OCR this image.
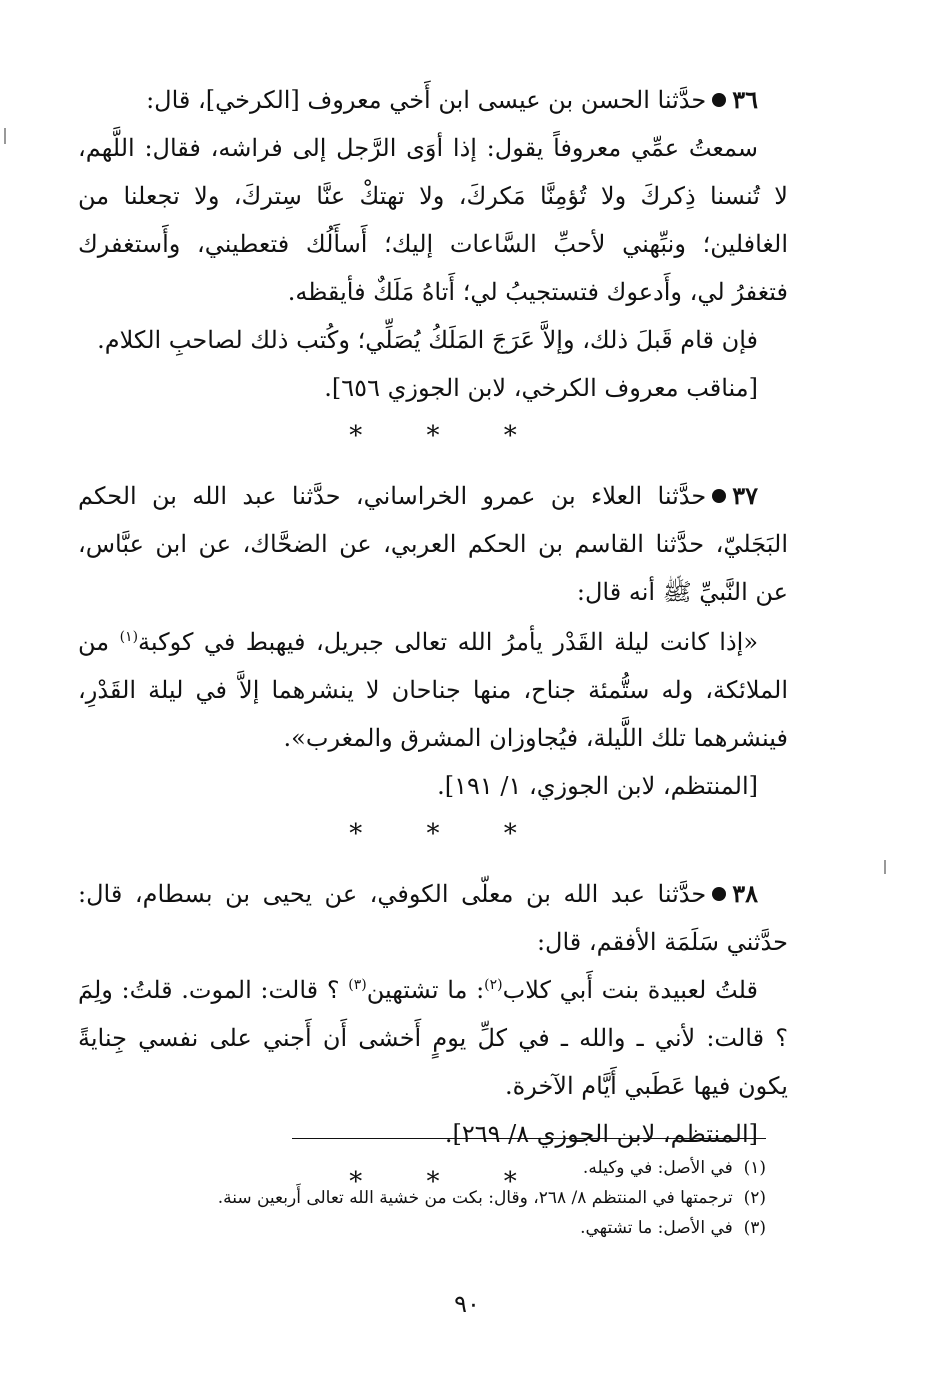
٣٦حدَّثنا الحسن بن عيسى ابن أَخي معروف [الكرخي]، قال:

سمعتُ عمِّي معروفاً يقول: إذا أوَى الرَّجل إلى فراشه، فقال: اللَّهم، لا تُنسنا ذِكركَ ولا تُؤمِنَّا مَكركَ، ولا تهتكْ عنَّا سِتركَ، ولا تجعلنا من الغافلين؛ ونبِّهني لأحبِّ السَّاعات إليك؛ أَسأَلُك فتعطيني، وأَستغفرك فتغفرُ لي، وأَدعوك فتستجيبُ لي؛ أَتاهُ مَلَكٌ فأيقظه.

فإن قام قَبلَ ذلك، وإلاَّ عَرَجَ المَلَكُ يُصَلِّي؛ وكُتب ذلك لصاحبِ الكلام.

[مناقب معروف الكرخي، لابن الجوزي ٦٥٦].

* * *

٣٧حدَّثنا العلاء بن عمرو الخراساني، حدَّثنا عبد الله بن الحكم البَجَليّ، حدَّثنا القاسم بن الحكم العربي، عن الضحَّاك، عن ابن عبَّاس، عن النَّبيِّ ﷺ أنه قال:

«إذا كانت ليلة القَدْر يأمرُ الله تعالى جبريل، فيهبط في كوكبة$^{(١)}$ من الملائكة، وله ستُّمئة جناح، منها جناحان لا ينشرهما إلاَّ في ليلة القَدْرِ، فينشرهما تلك اللَّيلة، فيُجاوزان المشرق والمغرب».

[المنتظم، لابن الجوزي، ١/ ١٩١].

* * *

٣٨حدَّثنا عبد الله بن معلّى الكوفي، عن يحيى بن بسطام، قال: حدَّثني سَلَمَة الأفقم، قال:

قلتُ لعبيدة بنت أَبي كلاب$^{(٢)}$: ما تشتهين$^{(٣)}$ ؟ قالت: الموت. قلتُ: ولِمَ ؟ قالت: لأني ـ والله ـ في كلِّ يومٍ أَخشى أَن أَجني على نفسي جِنايةً يكون فيها عَطَبي أَيَّام الآخرة.

[المنتظم، لابن الجوزي ٨/ ٢٦٩].

* * *	(١)  في الأصل: في وكيله.

(٢)  ترجمتها في المنتظم ٨/ ٢٦٨، وقال: بكت من خشية الله تعالى أَربعين سنة.

(٣)  في الأصل: ما تشتهي.

٩٠
